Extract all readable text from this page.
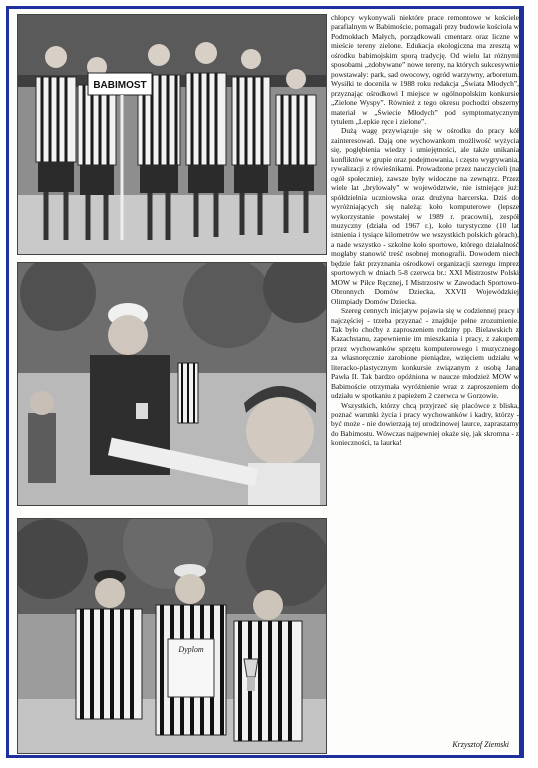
BABIMOST
Dyplom

chłopcy wykonywali niektóre prace remontowe w kościele parafialnym w Babimoście, pomagali przy budowie kościoła w Podmokłach Małych, porządkowali cmentarz oraz liczne w mieście tereny zielone. Edukacja ekologiczna ma zresztą w ośrodku babimojskim sporą tradycję. Od wielu lat różnymi sposobami „zdobywane” nowe tereny, na których sukcesywnie powstawały: park, sad owocowy, ogród warzywny, arboretum. Wysiłki te docenila w 1988 roku redakcja „Świata Młodych”, przyznając ośrodkowi I miejsce w ogólnopolskim konkursie „Zielone Wyspy”. Również z tego okresu pochodzi obszerny materiał w „Świecie Młodych” pod symptomatycznym tytułem „Lepkie ręce i zielone”.

Dużą wagę przywiązuje się w ośrodku do pracy kół zainteresowań. Dają one wychowankom możliwość wyżycia się, pogłębienia wiedzy i umiejętności, ale także unikania konfliktów w grupie oraz podejmowania, i często wygrywania, rywalizacji z rówieśnikami. Prowadzone przez nauczycieli (na ogół społecznie), zawsze były widoczne na zewnątrz. Przez wiele lat „brylowały” w województwie, nie istniejące już: spółdzielnia uczniowska oraz drużyna harcerska. Dziś do wyróżniających się należą: koło komputerowe (lepsze wykorzystanie powstałej w 1989 r. pracowni), zespół muzyczny (działa od 1967 r.), koło turystyczne (10 lat istnienia i tysiące kilometrów we wszystkich polskich górach), a nade wszystko - szkolne koło sportowe, którego działalność mogłaby stanowić treść osobnej monografii. Dowodem niech będzie fakt przyznania ośrodkowi organizacji szeregu imprez sportowych w dniach 5-8 czerwca br.: XXI Mistrzostw Polski MOW w Piłce Ręcznej, I Mistrzostw w Zawodach Sportowo-Obronnych Domów Dziecka, XXVII Wojewódzkiej Olimpiady Domów Dziecka.

Szereg cennych inicjatyw pojawia się w codziennej pracy i najczęściej - trzeba przyznać - znajduje pełne zrozumienie. Tak było choćby z zaproszeniem rodziny pp. Bielawskich z Kazachstanu, zapewnienie im mieszkania i pracy, z zakupem przez wychowanków sprzętu komputerowego i muzycznego za własnoręcznie zarobione pieniądze, wzięciem udziału w literacko-plastycznym konkursie związanym z osobą Jana Pawła II. Tak bardzo opóźniona w naucze młodzież MOW w Babimoście otrzymała wyróżnienie wraz z zaproszeniem do udziału w spotkaniu z papieżem 2 czerwca w Gorzowie.

Wszystkich, którzy chcą przyjrzeć się placówce z bliska, poznać warunki życia i pracy wychowanków i kadry, którzy - być może - nie dowierzają tej urodzinowej laurce, zapraszamy do Babimostu. Wówczas najpewniej okaże się, jak skromna - z konieczności, ta laurka!

Krzysztof Ziemski
